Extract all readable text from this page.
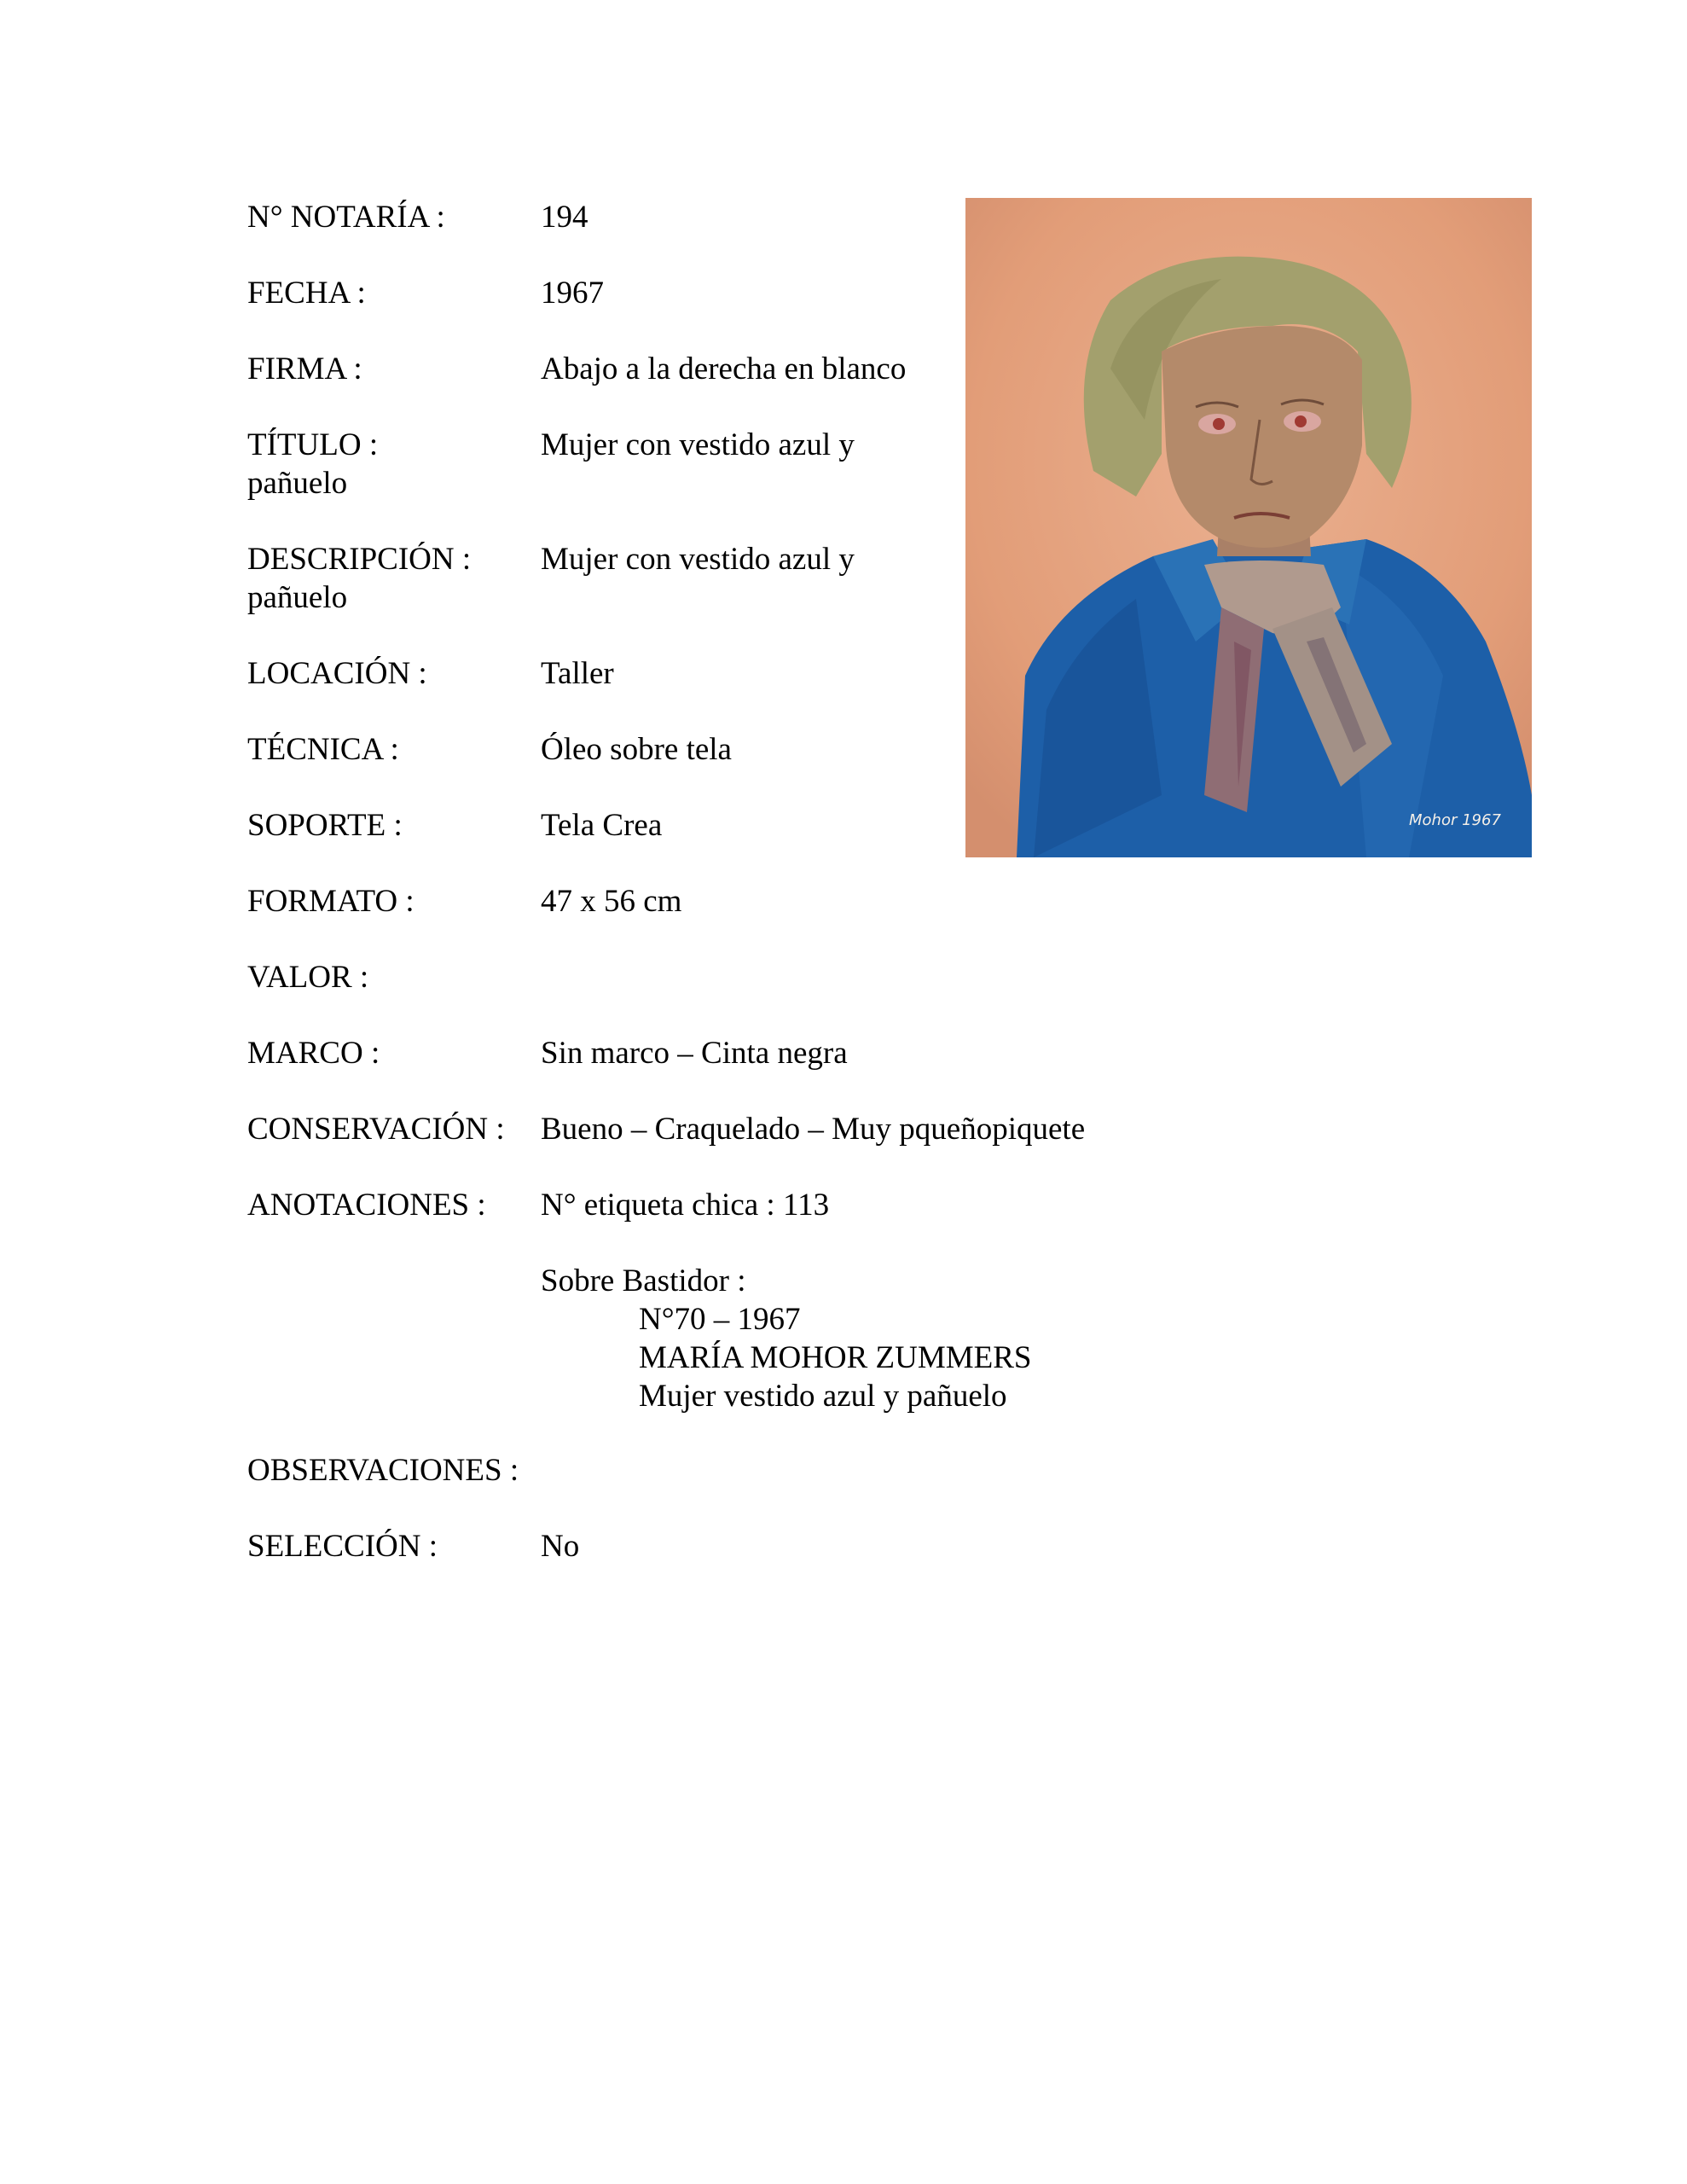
N° NOTARÍA :	194
FECHA :	1967
FIRMA :	Abajo a la derecha en blanco
TÍTULO :	Mujer con vestido azul y
pañuelo
DESCRIPCIÓN : Mujer con vestido azul y
pañuelo
LOCACIÓN :	Taller
TÉCNICA :	Óleo sobre tela
SOPORTE :	Tela Crea
FORMATO :	47 x 56 cm
VALOR :
MARCO :	Sin marco – Cinta negra
CONSERVACIÓN : Bueno – Craquelado – Muy pqueñopiquete
ANOTACIONES : N° etiqueta chica : 113
Sobre Bastidor :
N°70 – 1967
MARÍA MOHOR ZUMMERS
Mujer vestido azul y pañuelo
OBSERVACIONES :
SELECCIÓN :	No
Mohor 1967
